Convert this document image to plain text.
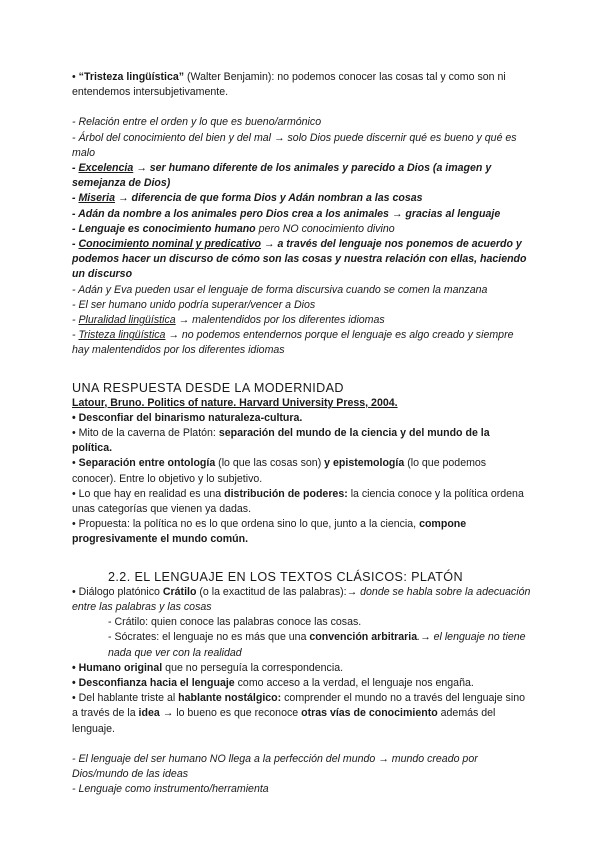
• “Tristeza lingüística” (Walter Benjamin): no podemos conocer las cosas tal y como son ni entendemos intersubjetivamente.

- Relación entre el orden y lo que es bueno/armónico

- Árbol del conocimiento del bien y del mal → solo Dios puede discernir qué es bueno y qué es malo

- Excelencia → ser humano diferente de los animales y parecido a Dios (a imagen y semejanza de Dios)

- Miseria → diferencia de que forma Dios y Adán nombran a las cosas

- Adán da nombre a los animales pero Dios crea a los animales → gracias al lenguaje

- Lenguaje es conocimiento humano pero NO conocimiento divino

- Conocimiento nominal y predicativo → a través del lenguaje nos ponemos de acuerdo y podemos hacer un discurso de cómo son las cosas y nuestra relación con ellas, haciendo un discurso

- Adán y Eva pueden usar el lenguaje de forma discursiva cuando se comen la manzana

- El ser humano unido podría superar/vencer a Dios

- Pluralidad lingüística → malentendidos por los diferentes idiomas

- Tristeza lingüística → no podemos entendernos porque el lenguaje es algo creado y siempre hay malentendidos por los diferentes idiomas

UNA RESPUESTA DESDE LA MODERNIDAD

Latour, Bruno. Politics of nature. Harvard University Press, 2004.

• Desconfiar del binarismo naturaleza-cultura.

• Mito de la caverna de Platón: separación del mundo de la ciencia y del mundo de la política.

• Separación entre ontología (lo que las cosas son) y epistemología (lo que podemos conocer). Entre lo objetivo y lo subjetivo.

• Lo que hay en realidad es una distribución de poderes: la ciencia conoce y la política ordena unas categorías que vienen ya dadas.

• Propuesta: la política no es lo que ordena sino lo que, junto a la ciencia, compone progresivamente el mundo común.

2.2. EL LENGUAJE EN LOS TEXTOS CLÁSICOS: PLATÓN

• Diálogo platónico Crátilo (o la exactitud de las palabras):→ donde se habla sobre la adecuación entre las palabras y las cosas

- Crátilo: quien conoce las palabras conoce las cosas.

- Sócrates: el lenguaje no es más que una convención arbitraria.→ el lenguaje no tiene nada que ver con la realidad

• Humano original que no perseguía la correspondencia.

• Desconfianza hacia el lenguaje como acceso a la verdad, el lenguaje nos engaña.

• Del hablante triste al hablante nostálgico: comprender el mundo no a través del lenguaje sino a través de la idea → lo bueno es que reconoce otras vías de conocimiento además del lenguaje.

- El lenguaje del ser humano NO llega a la perfección del mundo → mundo creado por Dios/mundo de las ideas

- Lenguaje como instrumento/herramienta
